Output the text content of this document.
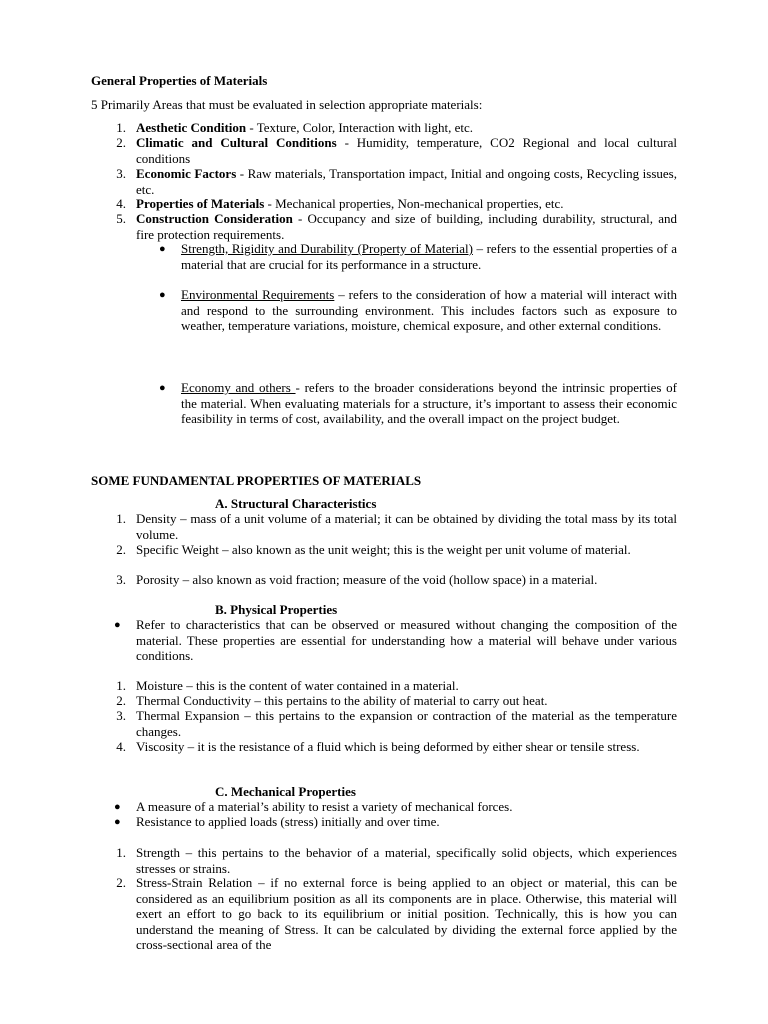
General Properties of Materials
5 Primarily Areas that must be evaluated in selection appropriate materials:
1. Aesthetic Condition - Texture, Color, Interaction with light, etc.
2. Climatic and Cultural Conditions - Humidity, temperature, CO2 Regional and local cultural conditions
3. Economic Factors - Raw materials, Transportation impact, Initial and ongoing costs, Recycling issues, etc.
4. Properties of Materials - Mechanical properties, Non-mechanical properties, etc.
5. Construction Consideration - Occupancy and size of building, including durability, structural, and fire protection requirements.
● Strength, Rigidity and Durability (Property of Material) – refers to the essential properties of a material that are crucial for its performance in a structure.
● Environmental Requirements – refers to the consideration of how a material will interact with and respond to the surrounding environment. This includes factors such as exposure to weather, temperature variations, moisture, chemical exposure, and other external conditions.
● Economy and others - refers to the broader considerations beyond the intrinsic properties of the material. When evaluating materials for a structure, it’s important to assess their economic feasibility in terms of cost, availability, and the overall impact on the project budget.
SOME FUNDAMENTAL PROPERTIES OF MATERIALS
A. Structural Characteristics
1. Density – mass of a unit volume of a material; it can be obtained by dividing the total mass by its total volume.
2. Specific Weight – also known as the unit weight; this is the weight per unit volume of material.
3. Porosity – also known as void fraction; measure of the void (hollow space) in a material.
B. Physical Properties
● Refer to characteristics that can be observed or measured without changing the composition of the material. These properties are essential for understanding how a material will behave under various conditions.
1. Moisture – this is the content of water contained in a material.
2. Thermal Conductivity – this pertains to the ability of material to carry out heat.
3. Thermal Expansion – this pertains to the expansion or contraction of the material as the temperature changes.
4. Viscosity – it is the resistance of a fluid which is being deformed by either shear or tensile stress.
C. Mechanical Properties
● A measure of a material’s ability to resist a variety of mechanical forces.
● Resistance to applied loads (stress) initially and over time.
1. Strength – this pertains to the behavior of a material, specifically solid objects, which experiences stresses or strains.
2. Stress-Strain Relation – if no external force is being applied to an object or material, this can be considered as an equilibrium position as all its components are in place. Otherwise, this material will exert an effort to go back to its equilibrium or initial position. Technically, this is how you can understand the meaning of Stress. It can be calculated by dividing the external force applied by the cross-sectional area of the
